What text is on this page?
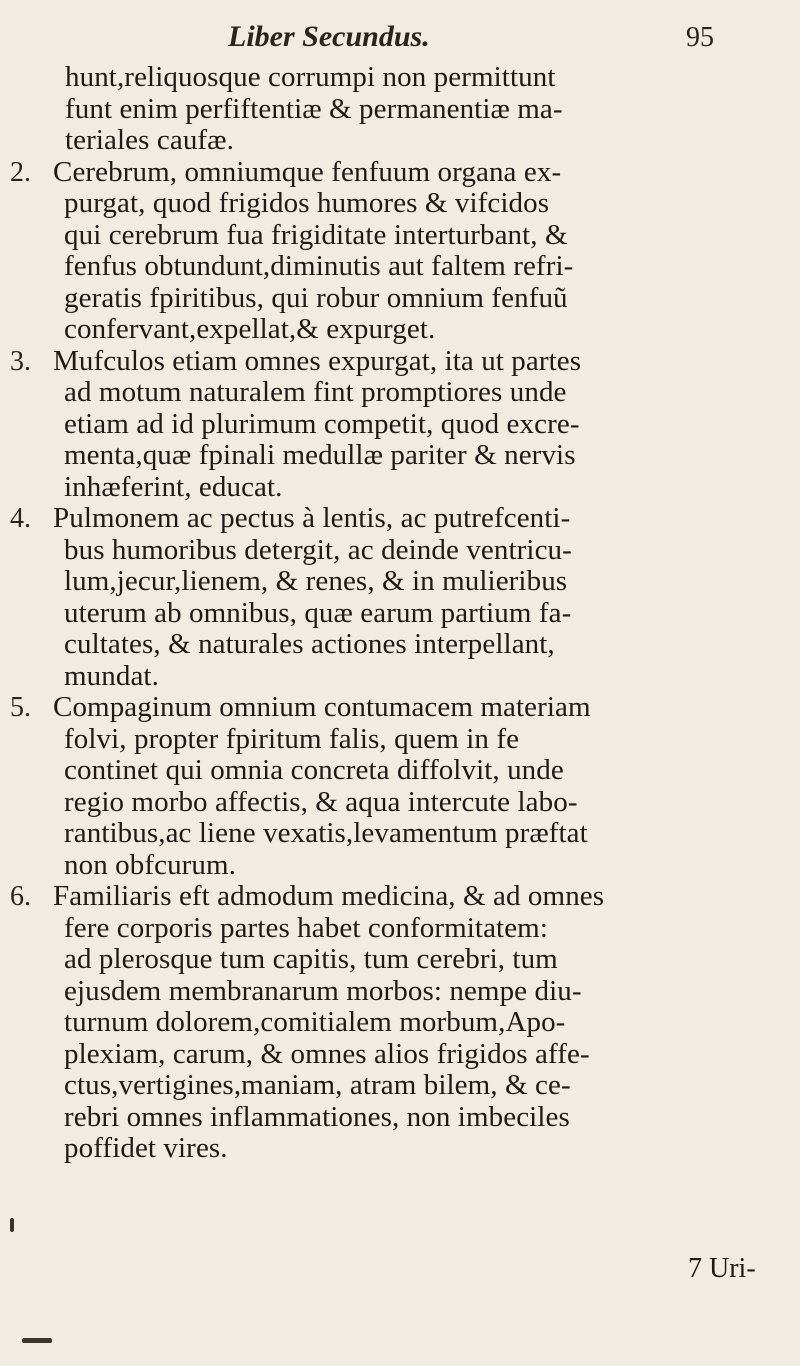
Liber Secundus.	95
hunt,reliquosque corrumpi non permittunt
funt enim perfiftentiæ & permanentiæ ma-
teriales caufæ.
2. Cerebrum, omniumque fenfuum organa ex-
purgat, quod frigidos humores & vifcidos
qui cerebrum fua frigiditate interturbant, &
fenfus obtundunt,diminutis aut faltem refri-
geratis fpiritibus, qui robur omnium fenfuũ
confervant,expellat,& expurget.
3. Mufculos etiam omnes expurgat, ita ut partes
ad motum naturalem fint promptiores unde
etiam ad id plurimum competit, quod excre-
menta,quæ fpinali medullæ pariter & nervis
inhæferint, educat.
4. Pulmonem ac pectus à lentis, ac putrefcenti-
bus humoribus detergit, ac deinde ventricu-
lum,jecur,lienem, & renes, & in mulieribus
uterum ab omnibus, quæ earum partium fa-
cultates, & naturales actiones interpellant,
mundat.
5. Compaginum omnium contumacem materiam
folvi, propter fpiritum falis, quem in fe
continet qui omnia concreta diffolvit, unde
regio morbo affectis, & aqua intercute labo-
rantibus,ac liene vexatis,levamentum præftat
non obfcurum.
6. Familiaris eft admodum medicina, & ad omnes
fere corporis partes habet conformitatem:
ad plerosque tum capitis, tum cerebri, tum
ejusdem membranarum morbos: nempe diu-
turnum dolorem,comitialem morbum,Apo-
plexiam, carum, & omnes alios frigidos affe-
ctus,vertigines,maniam, atram bilem, & ce-
rebri omnes inflammationes, non imbeciles
poffidet vires.
7 Uri-
